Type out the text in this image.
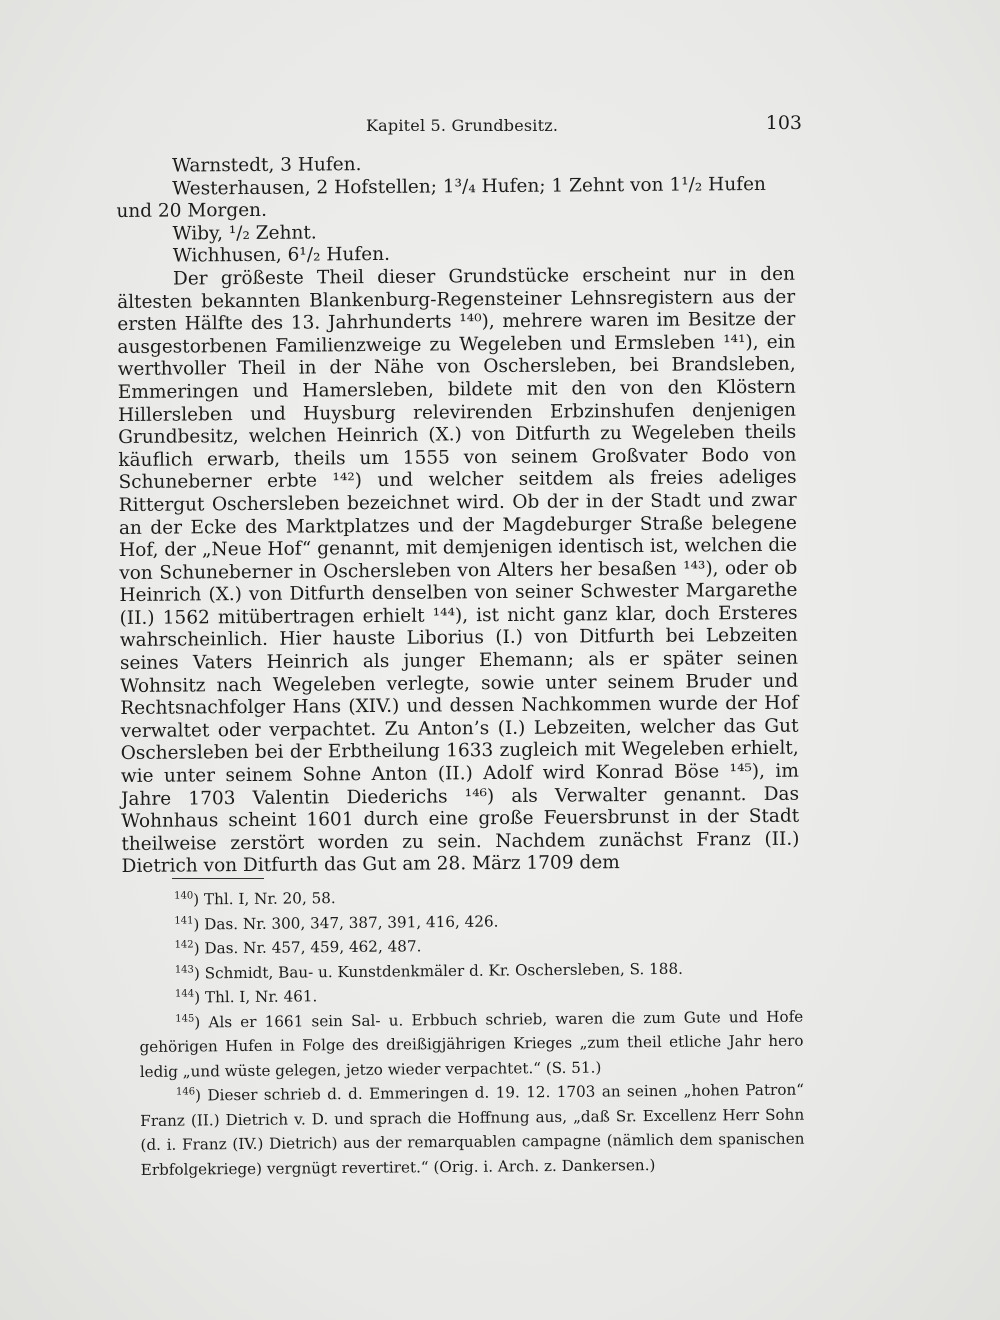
Kapitel 5. Grundbesitz.	103

Warnstedt, 3 Hufen.

Westerhausen, 2 Hofstellen; 1³/₄ Hufen; 1 Zehnt von 1¹/₂ Hufen und 20 Morgen.

Wiby, ¹/₂ Zehnt.

Wichhusen, 6¹/₂ Hufen.

Der größeste Theil dieser Grundstücke erscheint nur in den ältesten bekannten Blankenburg-Regensteiner Lehnsregistern aus der ersten Hälfte des 13. Jahrhunderts ¹⁴⁰), mehrere waren im Besitze der ausgestorbenen Familienzweige zu Wegeleben und Ermsleben ¹⁴¹), ein werthvoller Theil in der Nähe von Oschersleben, bei Brandsleben, Emmeringen und Hamersleben, bildete mit den von den Klöstern Hillersleben und Huysburg relevirenden Erbzinshufen denjenigen Grundbesitz, welchen Heinrich (X.) von Ditfurth zu Wegeleben theils käuflich erwarb, theils um 1555 von seinem Großvater Bodo von Schuneberner erbte ¹⁴²) und welcher seitdem als freies adeliges Rittergut Oschersleben bezeichnet wird. Ob der in der Stadt und zwar an der Ecke des Marktplatzes und der Magdeburger Straße belegene Hof, der „Neue Hof“ genannt, mit demjenigen identisch ist, welchen die von Schuneberner in Oschersleben von Alters her besaßen ¹⁴³), oder ob Heinrich (X.) von Ditfurth denselben von seiner Schwester Margarethe (II.) 1562 mitübertragen erhielt ¹⁴⁴), ist nicht ganz klar, doch Ersteres wahrscheinlich. Hier hauste Liborius (I.) von Ditfurth bei Lebzeiten seines Vaters Heinrich als junger Ehemann; als er später seinen Wohnsitz nach Wegeleben verlegte, sowie unter seinem Bruder und Rechtsnachfolger Hans (XIV.) und dessen Nachkommen wurde der Hof verwaltet oder verpachtet. Zu Anton’s (I.) Lebzeiten, welcher das Gut Oschersleben bei der Erbtheilung 1633 zugleich mit Wegeleben erhielt, wie unter seinem Sohne Anton (II.) Adolf wird Konrad Böse ¹⁴⁵), im Jahre 1703 Valentin Diederichs ¹⁴⁶) als Verwalter genannt. Das Wohnhaus scheint 1601 durch eine große Feuersbrunst in der Stadt theilweise zerstört worden zu sein. Nachdem zunächst Franz (II.) Dietrich von Ditfurth das Gut am 28. März 1709 dem

$^{140}$) Thl. I, Nr. 20, 58.

$^{141}$) Das. Nr. 300, 347, 387, 391, 416, 426.

$^{142}$) Das. Nr. 457, 459, 462, 487.

$^{143}$) Schmidt, Bau- u. Kunstdenkmäler d. Kr. Oschersleben, S. 188.

$^{144}$) Thl. I, Nr. 461.

$^{145}$) Als er 1661 sein Sal- u. Erbbuch schrieb, waren die zum Gute und Hofe gehörigen Hufen in Folge des dreißigjährigen Krieges „zum theil etliche Jahr hero ledig „und wüste gelegen, jetzo wieder verpachtet.“ (S. 51.)

$^{146}$) Dieser schrieb d. d. Emmeringen d. 19. 12. 1703 an seinen „hohen Patron“ Franz (II.) Dietrich v. D. und sprach die Hoffnung aus, „daß Sr. Excellenz Herr Sohn (d. i. Franz (IV.) Dietrich) aus der remarquablen campagne (nämlich dem spanischen Erbfolgekriege) vergnügt revertiret.“ (Orig. i. Arch. z. Dankersen.)
